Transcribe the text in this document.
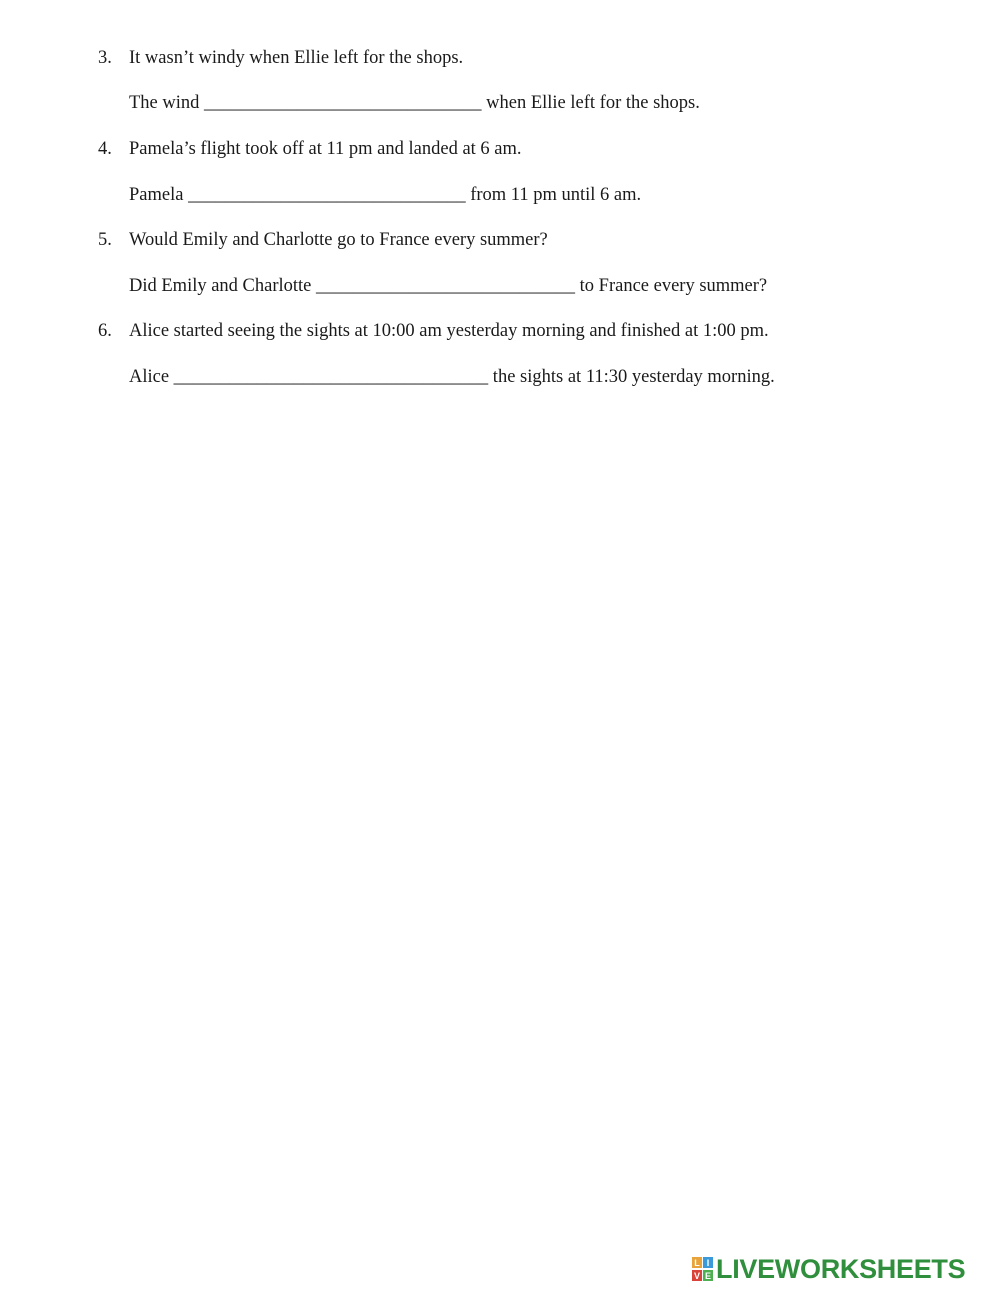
3. It wasn’t windy when Ellie left for the shops.
The wind ______________________________ when Ellie left for the shops.
4. Pamela’s flight took off at 11 pm and landed at 6 am.
Pamela ______________________________ from 11 pm until 6 am.
5. Would Emily and Charlotte go to France every summer?
Did Emily and Charlotte ____________________________ to France every summer?
6. Alice started seeing the sights at 10:00 am yesterday morning and finished at 1:00 pm.
Alice __________________________________ the sights at 11:30 yesterday morning.
L I
V E LIVEWORKSHEETS
